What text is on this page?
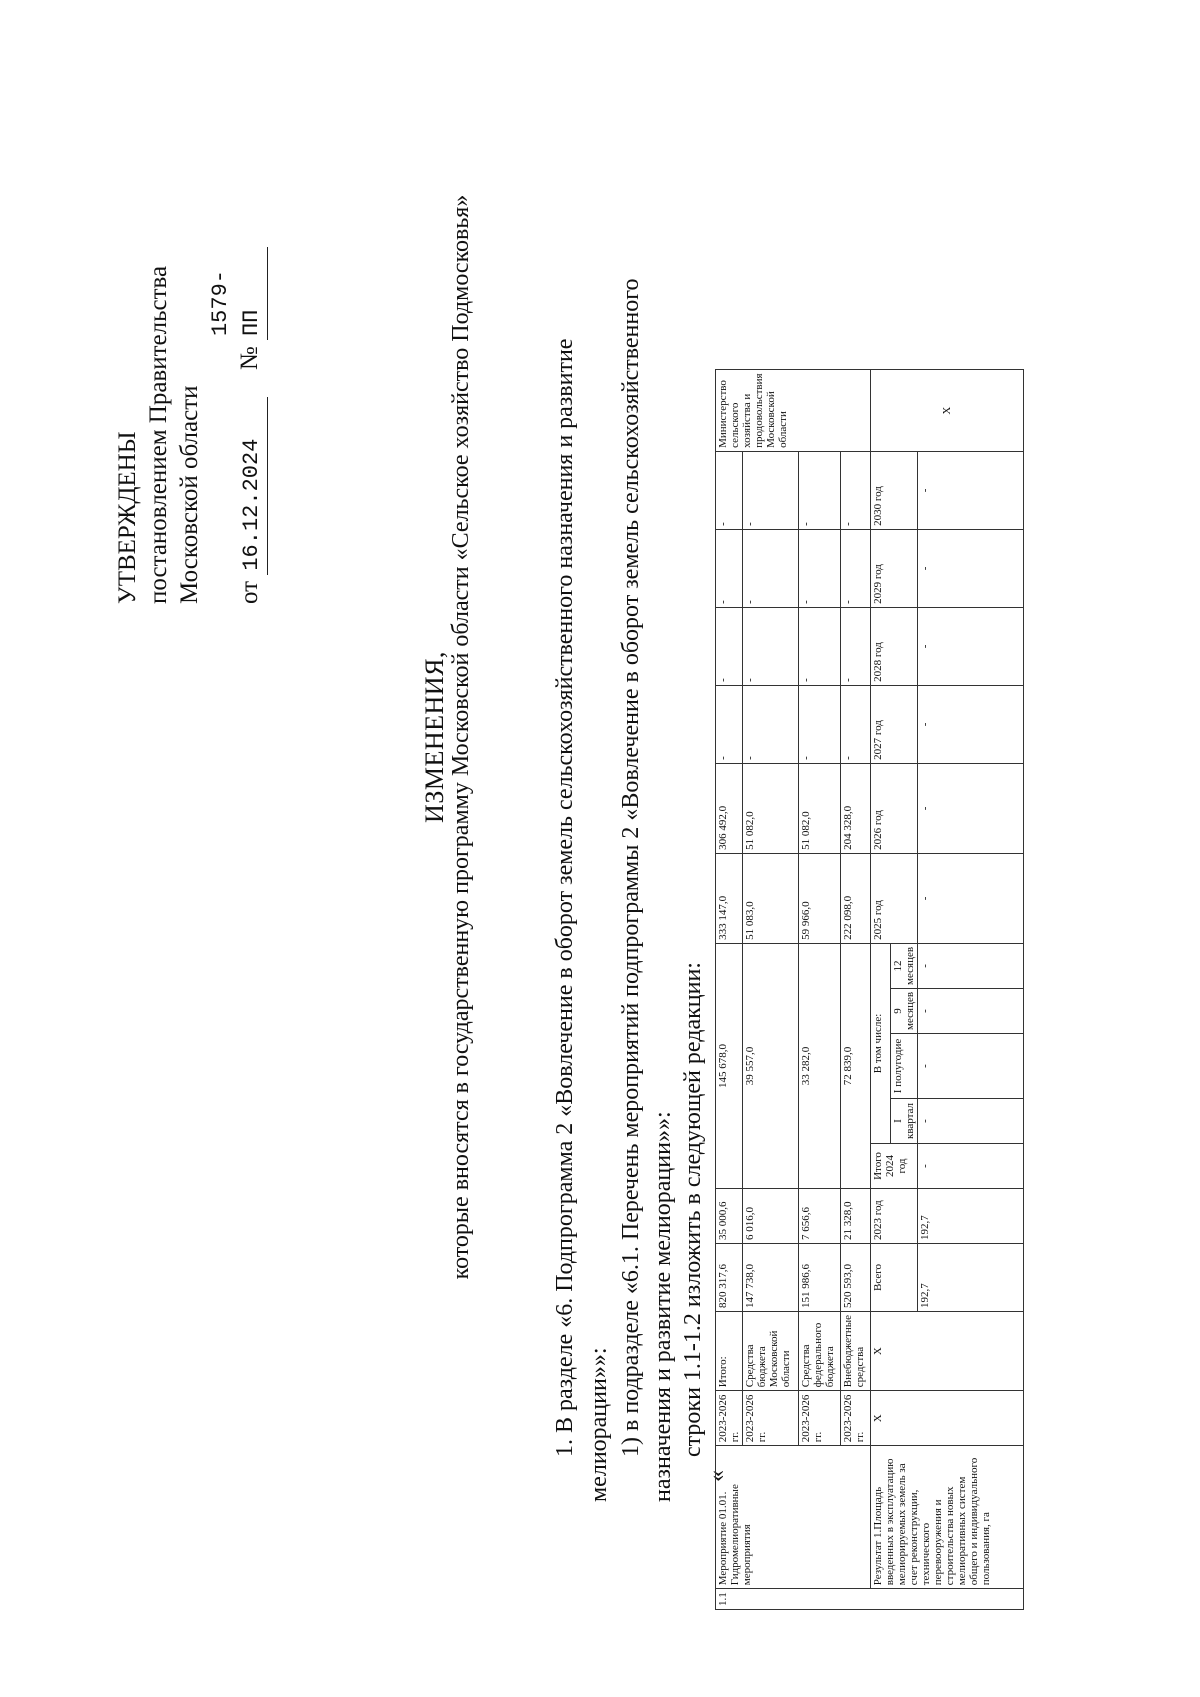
УТВЕРЖДЕНЫ постановлением Правительства Московской области	от 16.12.2024  № 1579-ПП
ИЗМЕНЕНИЯ, которые вносятся в государственную программу Московской области «Сельское хозяйство Подмосковья»	1. В разделе «6. Подпрограмма 2 «Вовлечение в оборот земель сельскохозяйственного назначения и развитие мелиорации»»: 1) в подразделе «6.1. Перечень мероприятий подпрограммы 2 «Вовлечение в оборот земель сельскохозяйственного назначения и развитие мелиорации»»: строки 1.1-1.2 изложить в следующей редакции:
«
1.1	Мероприятие 01.01. Гидромелиоративные мероприятия	2023-2026 гг.	Итого:	820 317,6	35 000,6	145 678,0					333 147,0	306 492,0	-	-	-	-	Министерство сельского хозяйства и продовольствия Московской области
		2023-2026 гг.	Средства бюджета Московской области	147 738,0	6 016,0	39 557,0					51 083,0	51 082,0	-	-	-	-	
		2023-2026 гг.	Средства федерального бюджета	151 986,6	7 656,6	33 282,0					59 966,0	51 082,0	-	-	-	-	
		2023-2026 гг.	Внебюджетные средства	520 593,0	21 328,0	72 839,0					222 098,0	204 328,0	-	-	-	-	
	Результат 1.Площадь введенных в эксплуатацию мелиорируемых земель за счет реконструкции, технического перевооружения и строительства новых мелиоративных систем общего и индивидуального пользования, га	X	X	Всего	2023 год	Итого 2024 год	В том числе:				2025 год	2026 год	2027 год	2028 год	2029 год	2030 год	X
							I квартал	I полугодие	9 месяцев	12 месяцев							
				192,7	192,7	-	-	-	-	-	-	-	-	-	-	-	
